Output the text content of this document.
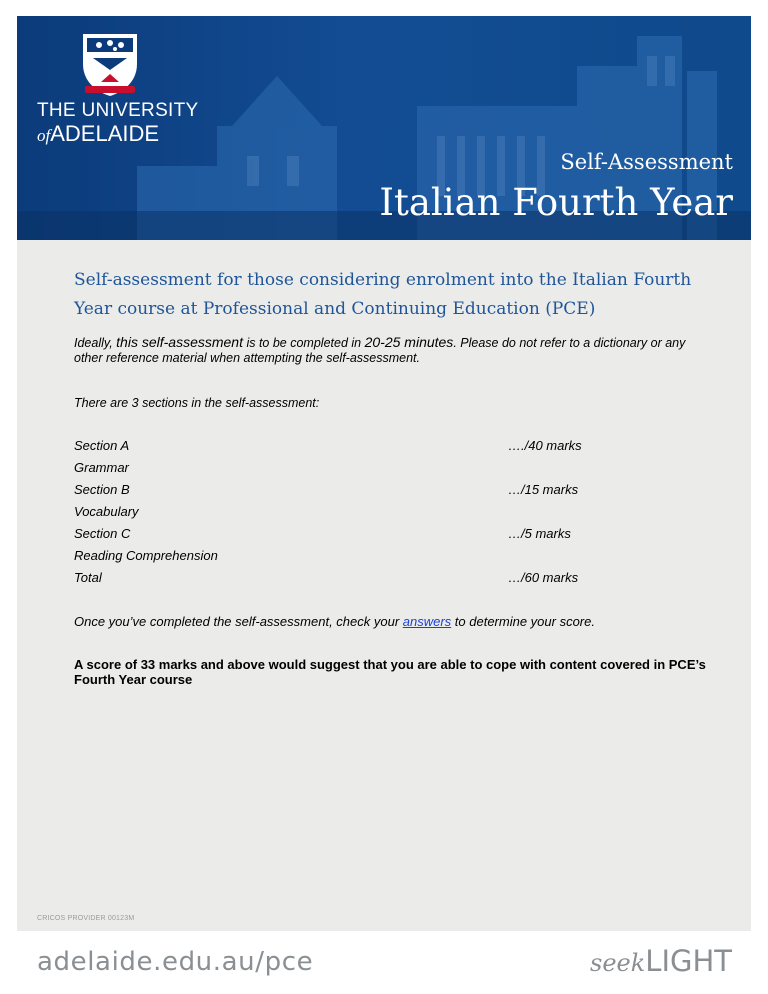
THE UNIVERSITY
ofADELAIDE
Self-Assessment
Italian Fourth Year
Self-assessment for those considering enrolment into the Italian Fourth Year course at Professional and Continuing Education (PCE)
Ideally, this self-assessment is to be completed in 20-25 minutes. Please do not refer to a dictionary or any other reference material when attempting the self-assessment.
There are 3 sections in the self-assessment:
Section A	…./40 marks
Grammar
Section B	…/15 marks
Vocabulary
Section C	…/5 marks
Reading Comprehension
Total	…/60 marks
Once you’ve completed the self-assessment, check your answers to determine your score.
A score of 33 marks and above would suggest that you are able to cope with content covered in PCE’s Fourth Year course
CRICOS PROVIDER 00123M
adelaide.edu.au/pce	seekLIGHT
